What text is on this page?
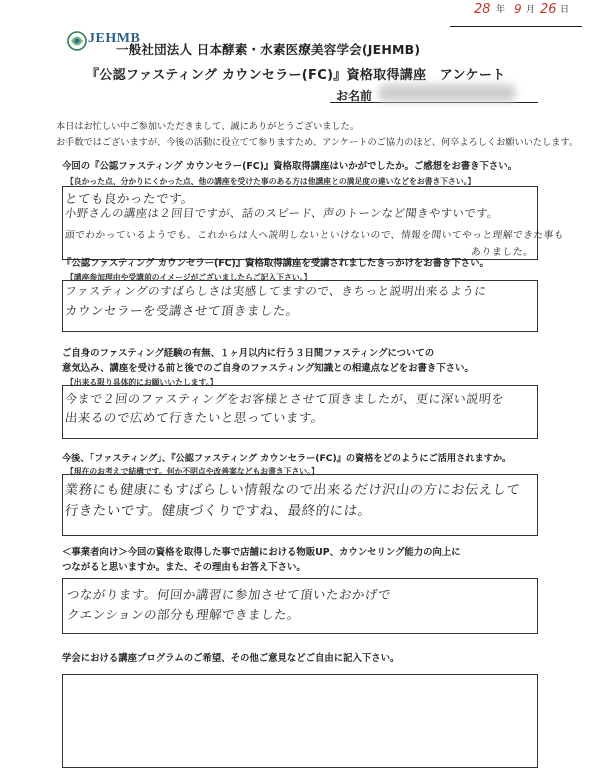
28 年 9 月 26 日
JEHMB
一般社団法人 日本酵素・水素医療美容学会(JEHMB)
『公認ファスティング カウンセラー(FC)』資格取得講座　アンケート
お名前
本日はお忙しい中ご参加いただきまして、誠にありがとうございました。
お手数ではございますが、今後の活動に役立てて参りますため、アンケートのご協力のほど、何卒よろしくお願いいたします。
今回の『公認ファスティング カウンセラー(FC)』資格取得講座はいかがでしたか。ご感想をお書き下さい。
【良かった点、分かりにくかった点、他の講座を受けた事のある方は他講座との満足度の違いなどをお書き下さい。】
とても良かったです。
小野さんの講座は２回目ですが、話のスピード、声のトーンなど聞きやすいです。
頭でわかっているようでも、これからは人へ説明しないといけないので、情報を聞いてやっと理解できた事も
ありました。
『公認ファスティング カウンセラー(FC)』資格取得講座を受講されましたきっかけをお書き下さい。
【講座参加理由や受講前のイメージがございましたらご記入下さい。】
ファスティングのすばらしさは実感してますので、きちっと説明出来るように
カウンセラーを受講させて頂きました。
ご自身のファスティング経験の有無、１ヶ月以内に行う３日間ファスティングについての
意気込み、講座を受ける前と後でのご自身のファスティング知識との相違点などをお書き下さい。
【出来る限り具体的にお願いいたします。】
今まで２回のファスティングをお客様とさせて頂きましたが、更に深い説明を
出来るので広めて行きたいと思っています。
今後、「ファスティング」、『公認ファスティング カウンセラー(FC)』の資格をどのようにご活用されますか。
【現在のお考えで結構です。何か不明点や改善案などもお書き下さい。】
業務にも健康にもすばらしい情報なので出来るだけ沢山の方にお伝えして
行きたいです。健康づくりですね、最終的には。
＜事業者向け＞今回の資格を取得した事で店舗における物販UP、カウンセリング能力の向上に
つながると思いますか。また、その理由もお答え下さい。
つながります。何回か講習に参加させて頂いたおかげで
クエンションの部分も理解できました。
学会における講座プログラムのご希望、その他ご意見などご自由に記入下さい。
